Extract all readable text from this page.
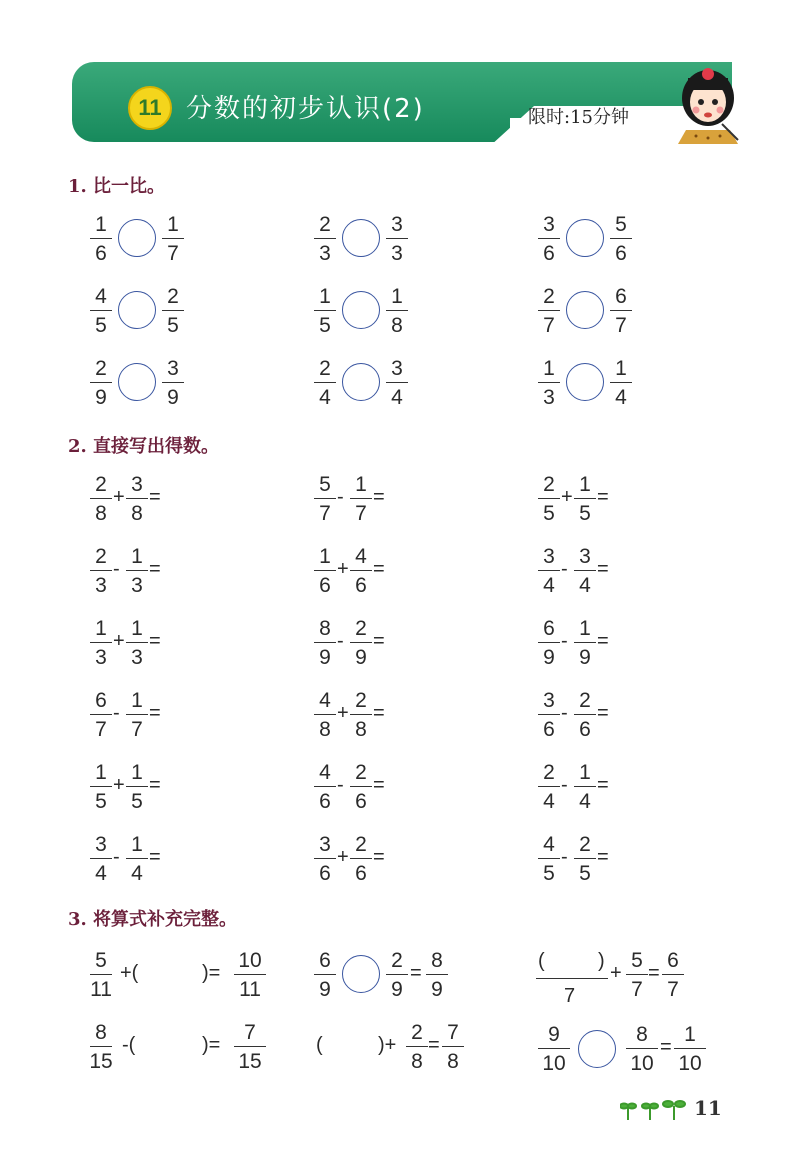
11 分数的初步认识(2)	限时:15分钟
1. 比一比。
2. 直接写出得数。
3. 将算式补充完整。
1
6
1
7
2
3
3
3
3
6
5
6
4
5
2
5
1
5
1
8
2
7
6
7
2
9
3
9
2
4
3
4
1
3
1
4
2
8
+
3
8
=
5
7
-
1
7
=
2
5
+
1
5
=
2
3
-
1
3
=
1
6
+
4
6
=
3
4
-
3
4
=
1
3
+
1
3
=
8
9
-
2
9
=
6
9
-
1
9
=
6
7
-
1
7
=
4
8
+
2
8
=
3
6
-
2
6
=
1
5
+
1
5
=
4
6
-
2
6
=
2
4
-
1
4
=
3
4
-
1
4
=
3
6
+
2
6
=
4
5
-
2
5
=
5
11
+(	)=
10
11
6
9
2
9
=
8
9
(	)
7
+
5
7
=
6
7
8
15
-(	)=
7
15
(	)+
2
8
=
7
8
9
10
8
10
=
1
10
11
